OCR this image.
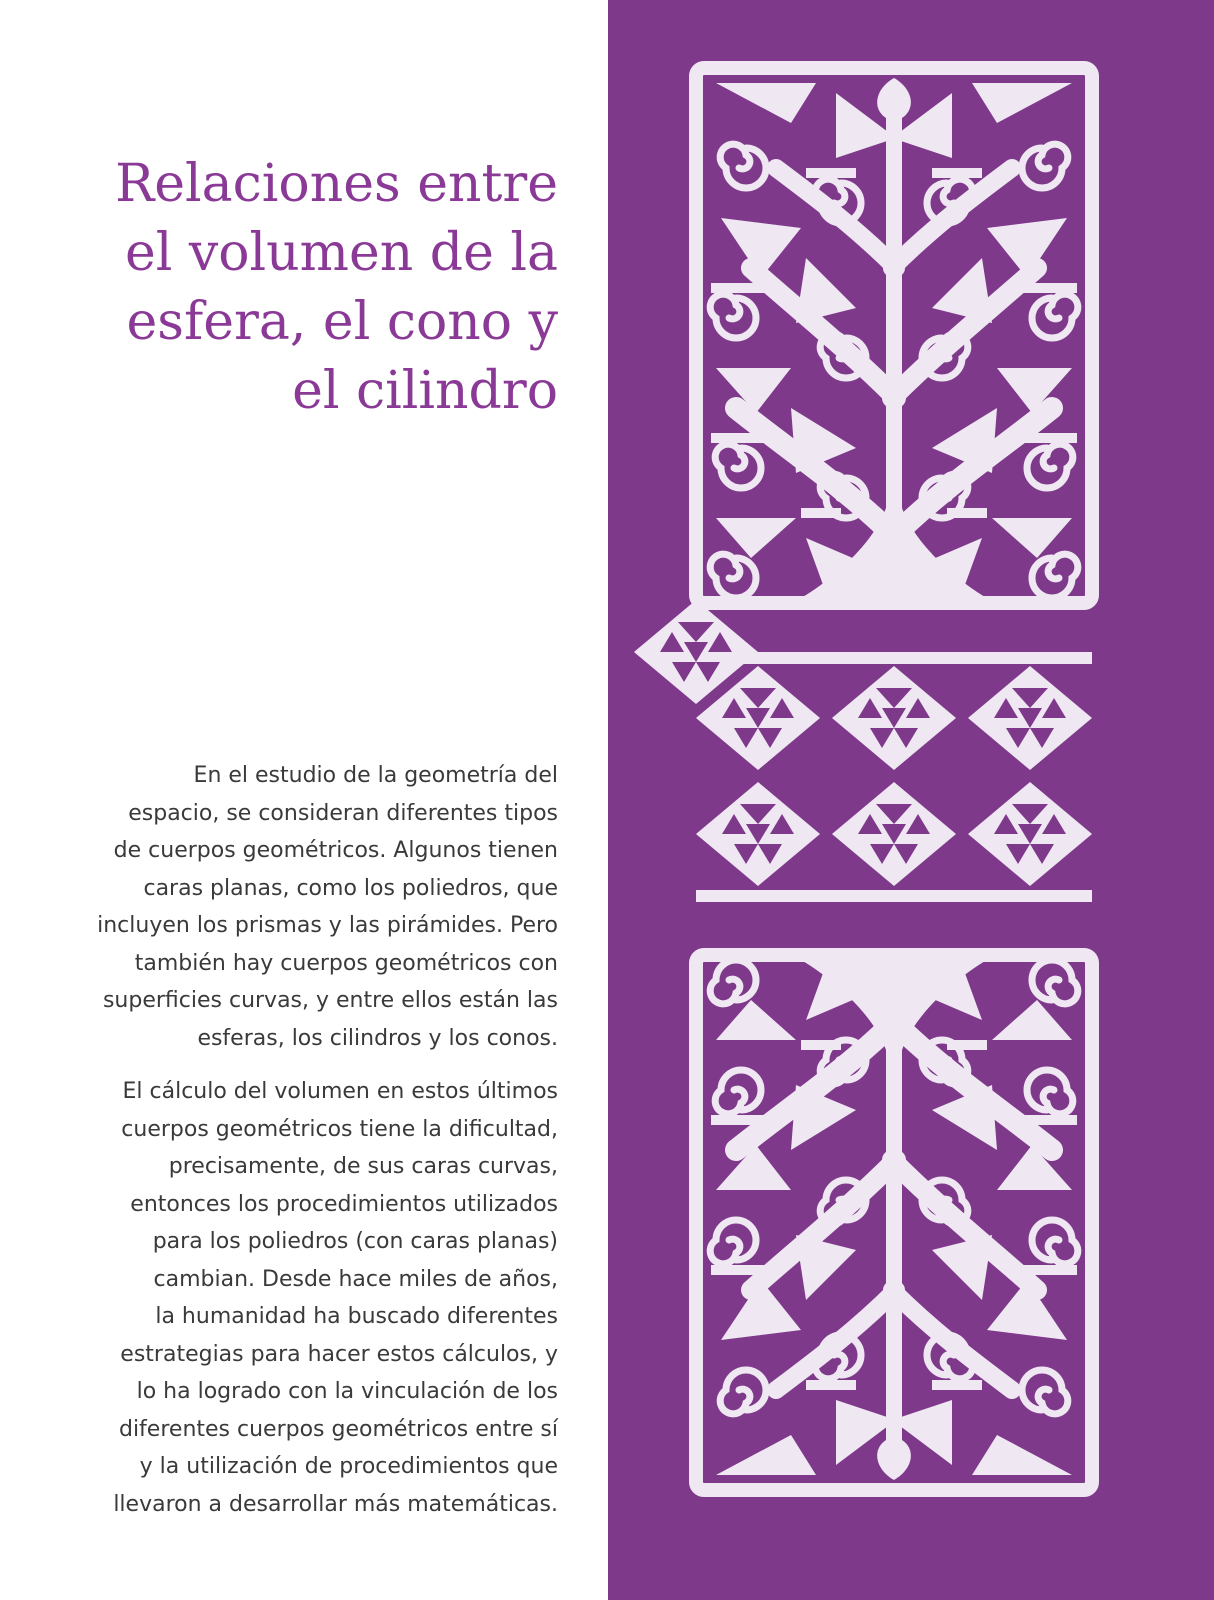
Relaciones entre
el volumen de la
esfera, el cono y
el cilindro
En el estudio de la geometría del
espacio, se consideran diferentes tipos
de cuerpos geométricos. Algunos tienen
caras planas, como los poliedros, que
incluyen los prismas y las pirámides. Pero
también hay cuerpos geométricos con
superficies curvas, y entre ellos están las
esferas, los cilindros y los conos.
El cálculo del volumen en estos últimos
cuerpos geométricos tiene la dificultad,
precisamente, de sus caras curvas,
entonces los procedimientos utilizados
para los poliedros (con caras planas)
cambian. Desde hace miles de años,
la humanidad ha buscado diferentes
estrategias para hacer estos cálculos, y
lo ha logrado con la vinculación de los
diferentes cuerpos geométricos entre sí
y la utilización de procedimientos que
llevaron a desarrollar más matemáticas.
